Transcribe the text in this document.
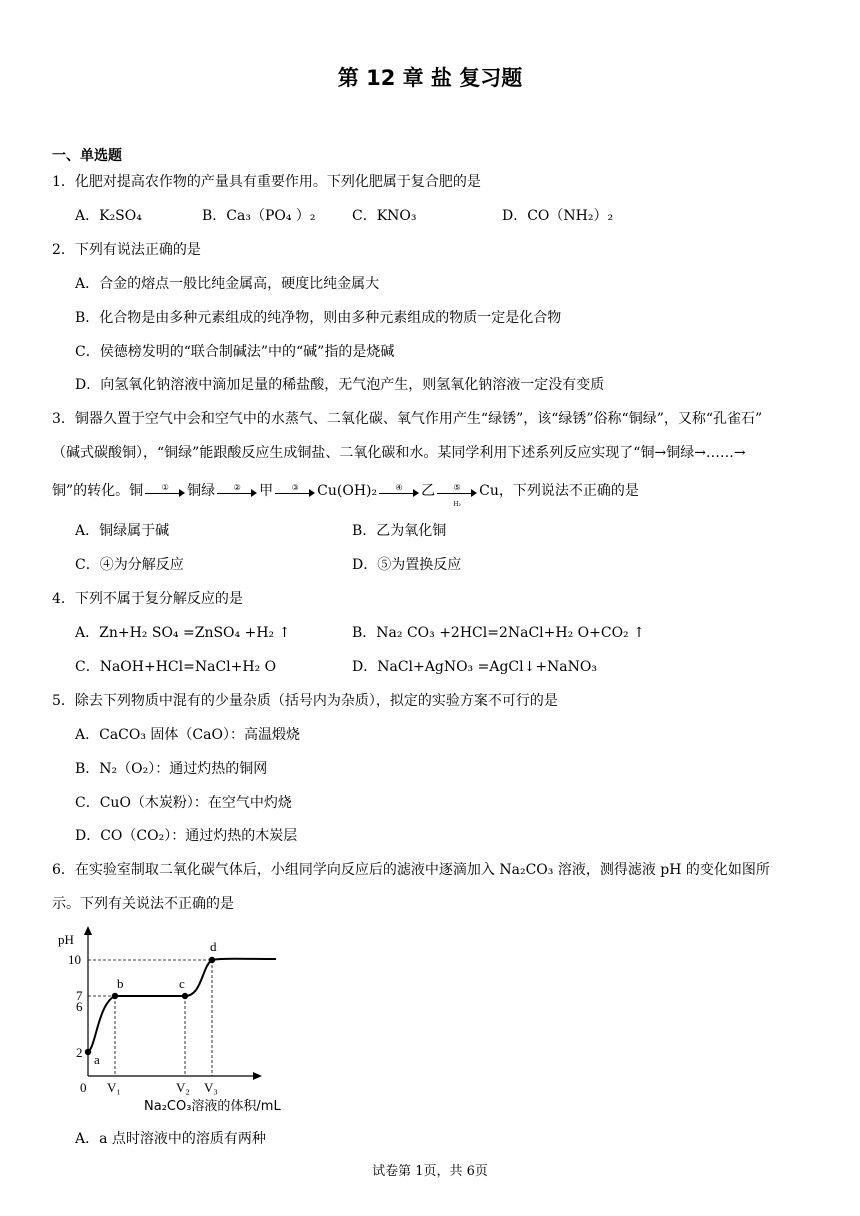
第 12 章 盐 复习题
一、单选题
1．化肥对提高农作物的产量具有重要作用。下列化肥属于复合肥的是
A．K₂SO₄	B．Ca₃（PO₄ ）₂	C．KNO₃	D．CO（NH₂）₂
2．下列有说法正确的是
A．合金的熔点一般比纯金属高，硬度比纯金属大
B．化合物是由多种元素组成的纯净物，则由多种元素组成的物质一定是化合物
C．侯德榜发明的“联合制碱法”中的“碱”指的是烧碱
D．向氢氧化钠溶液中滴加足量的稀盐酸，无气泡产生，则氢氧化钠溶液一定没有变质
3．铜器久置于空气中会和空气中的水蒸气、二氧化碳、氧气作用产生“绿锈”，该“绿锈”俗称“铜绿”，又称“孔雀石”
（碱式碳酸铜），“铜绿”能跟酸反应生成铜盐、二氧化碳和水。某同学利用下述系列反应实现了“铜→铜绿→……→
铜”的转化。铜	①	铜绿	②	甲	③	Cu(OH)₂	④	乙	⑤
H₂
Cu，下列说法不正确的是
A．铜绿属于碱	B．乙为氧化铜
C．④为分解反应	D．⑤为置换反应
4．下列不属于复分解反应的是
A．Zn+H₂ SO₄ =ZnSO₄ +H₂ ↑	B．Na₂ CO₃ +2HCl=2NaCl+H₂ O+CO₂ ↑
C．NaOH+HCl=NaCl+H₂ O	D．NaCl+AgNO₃ =AgCl↓+NaNO₃
5．除去下列物质中混有的少量杂质（括号内为杂质），拟定的实验方案不可行的是
A．CaCO₃ 固体（CaO）：高温煅烧
B．N₂（O₂）：通过灼热的铜网
C．CuO（木炭粉）：在空气中灼烧
D．CO（CO₂）：通过灼热的木炭层
6．在实验室制取二氧化碳气体后，小组同学向反应后的滤液中逐滴加入 Na₂CO₃ 溶液，测得滤液 pH 的变化如图所
示。下列有关说法不正确的是
pH
a
b	c
d
2
6
7
10
0 V₁	V₂ V₃
Na₂CO₃溶液的体积/mL
A．a 点时溶液中的溶质有两种
试卷第 1页，共 6页
